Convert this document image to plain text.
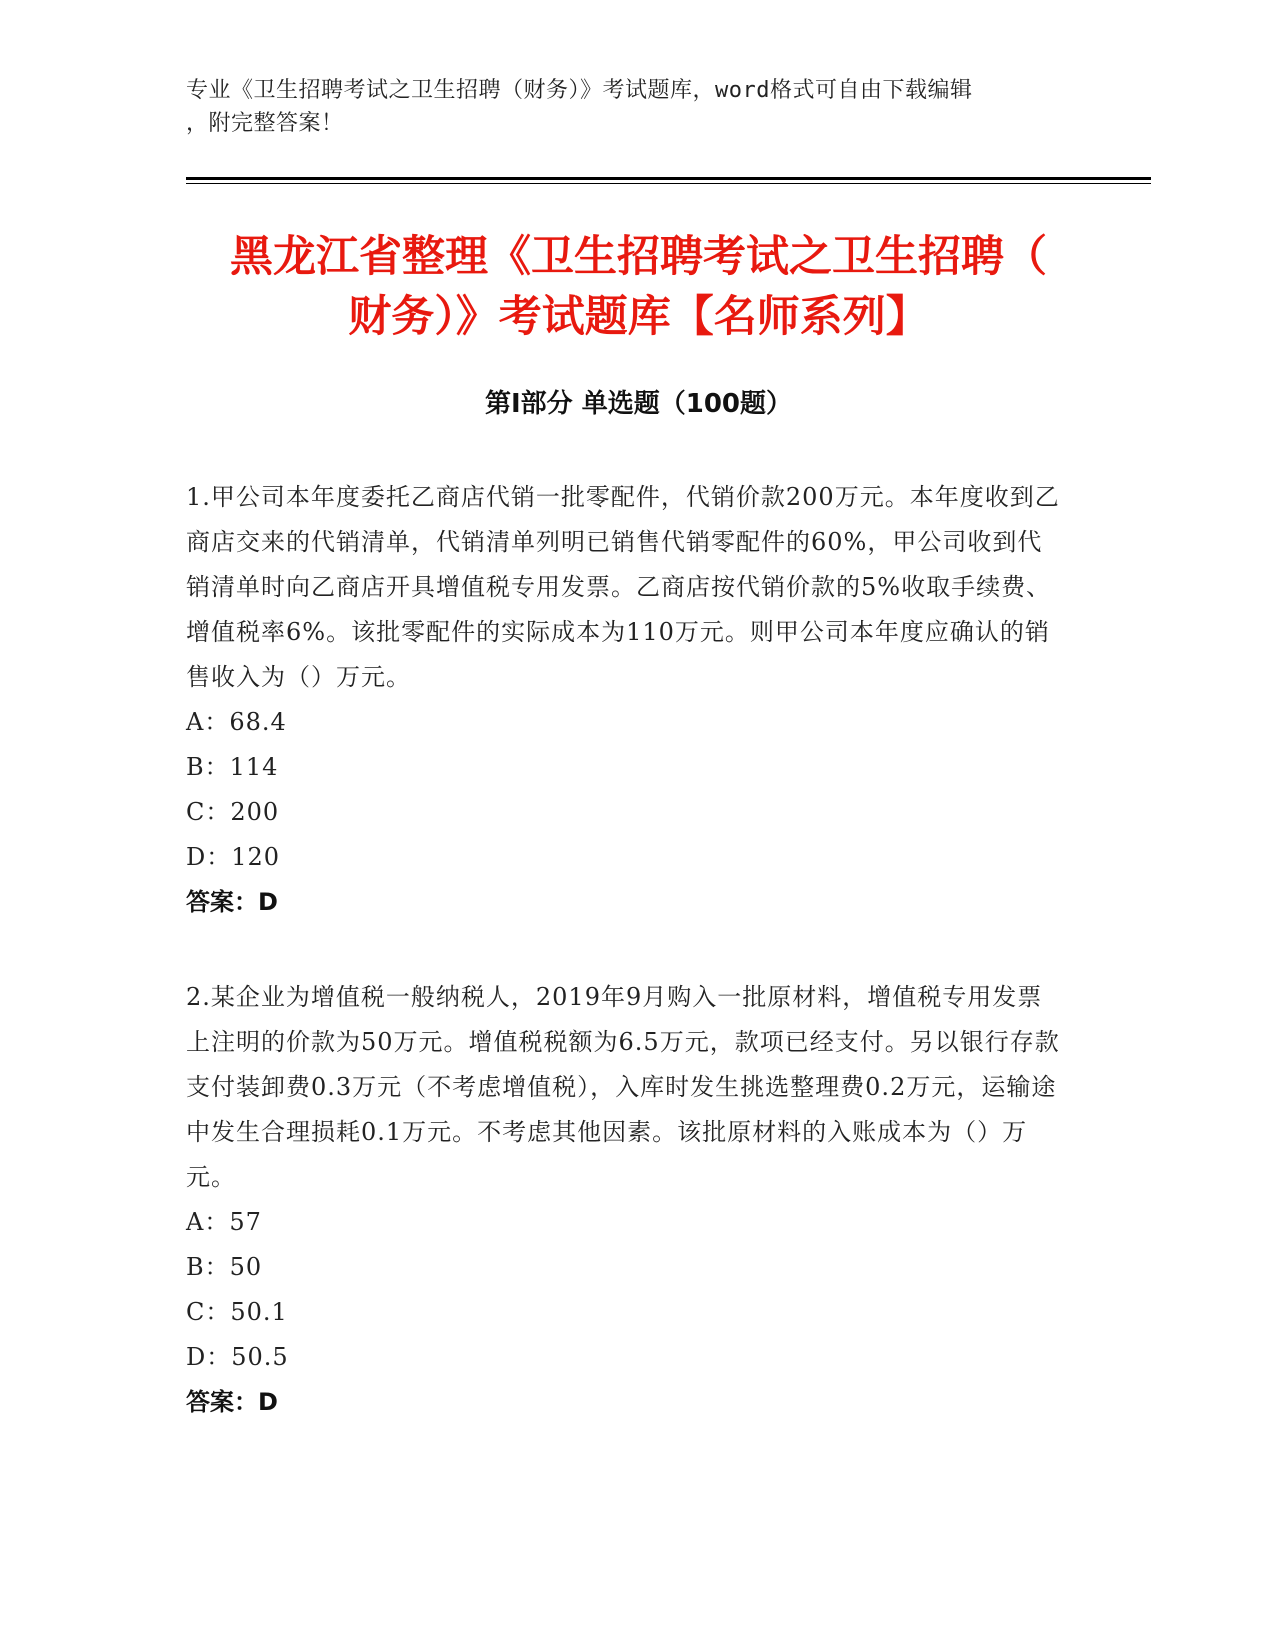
专业《卫生招聘考试之卫生招聘（财务）》考试题库，word格式可自由下载编辑
，附完整答案！
黑龙江省整理《卫生招聘考试之卫生招聘（
财务）》考试题库【名师系列】
第Ⅰ部分 单选题（100题）

1.甲公司本年度委托乙商店代销一批零配件，代销价款200万元。本年度收到乙商店交来的代销清单，代销清单列明已销售代销零配件的60%，甲公司收到代销清单时向乙商店开具增值税专用发票。乙商店按代销价款的5%收取手续费、增值税率6%。该批零配件的实际成本为110万元。则甲公司本年度应确认的销售收入为（）万元。

A：68.4

B：114

C：200

D：120

答案：D

2.某企业为增值税一般纳税人，2019年9月购入一批原材料，增值税专用发票上注明的价款为50万元。增值税税额为6.5万元，款项已经支付。另以银行存款支付装卸费0.3万元（不考虑增值税），入库时发生挑选整理费0.2万元，运输途中发生合理损耗0.1万元。不考虑其他因素。该批原材料的入账成本为（）万元。

A：57

B：50

C：50.1

D：50.5

答案：D
